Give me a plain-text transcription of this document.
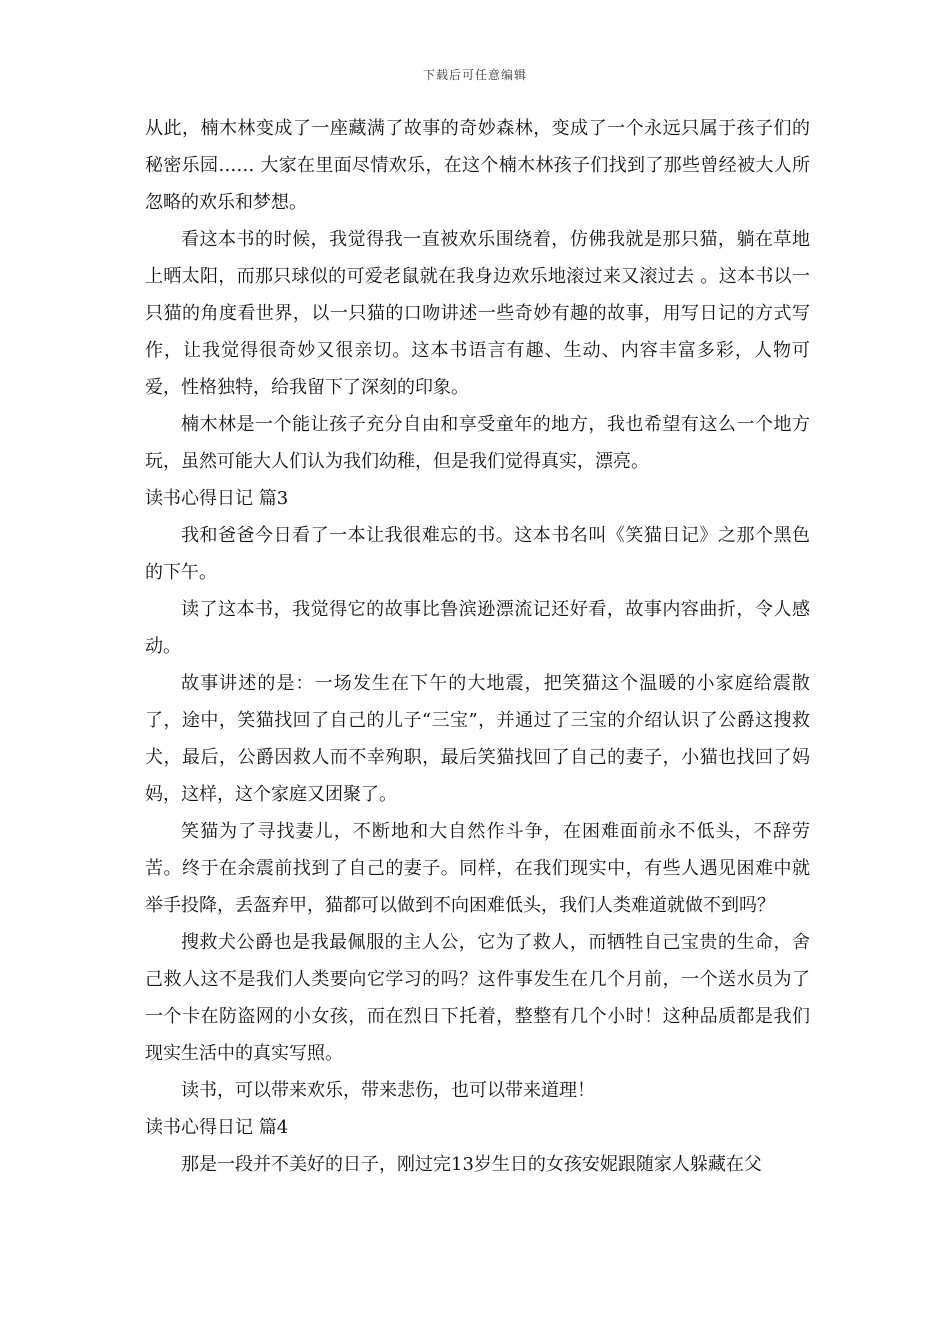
下载后可任意编辑

从此，楠木林变成了一座藏满了故事的奇妙森林，变成了一个永远只属于孩子们的秘密乐园…… 大家在里面尽情欢乐，在这个楠木林孩子们找到了那些曾经被大人所忽略的欢乐和梦想。

看这本书的时候，我觉得我一直被欢乐围绕着，仿佛我就是那只猫，躺在草地上晒太阳，而那只球似的可爱老鼠就在我身边欢乐地滚过来又滚过去 。这本书以一只猫的角度看世界，以一只猫的口吻讲述一些奇妙有趣的故事，用写日记的方式写作，让我觉得很奇妙又很亲切。这本书语言有趣、生动、内容丰富多彩，人物可爱，性格独特，给我留下了深刻的印象。

楠木林是一个能让孩子充分自由和享受童年的地方，我也希望有这么一个地方玩，虽然可能大人们认为我们幼稚，但是我们觉得真实，漂亮。

读书心得日记 篇3

我和爸爸今日看了一本让我很难忘的书。这本书名叫《笑猫日记》之那个黑色的下午。

读了这本书，我觉得它的故事比鲁滨逊漂流记还好看，故事内容曲折，令人感动。

故事讲述的是：一场发生在下午的大地震，把笑猫这个温暖的小家庭给震散了，途中，笑猫找回了自己的儿子“三宝”，并通过了三宝的介绍认识了公爵这搜救犬，最后，公爵因救人而不幸殉职，最后笑猫找回了自己的妻子，小猫也找回了妈妈，这样，这个家庭又团聚了。

笑猫为了寻找妻儿，不断地和大自然作斗争，在困难面前永不低头，不辞劳苦。终于在余震前找到了自己的妻子。同样，在我们现实中，有些人遇见困难中就举手投降，丢盔弃甲，猫都可以做到不向困难低头，我们人类难道就做不到吗？

搜救犬公爵也是我最佩服的主人公，它为了救人，而牺牲自己宝贵的生命，舍己救人这不是我们人类要向它学习的吗？这件事发生在几个月前，一个送水员为了一个卡在防盗网的小女孩，而在烈日下托着，整整有几个小时！这种品质都是我们现实生活中的真实写照。

读书，可以带来欢乐，带来悲伤，也可以带来道理！

读书心得日记 篇4

那是一段并不美好的日子，刚过完13岁生日的女孩安妮跟随家人躲藏在父
